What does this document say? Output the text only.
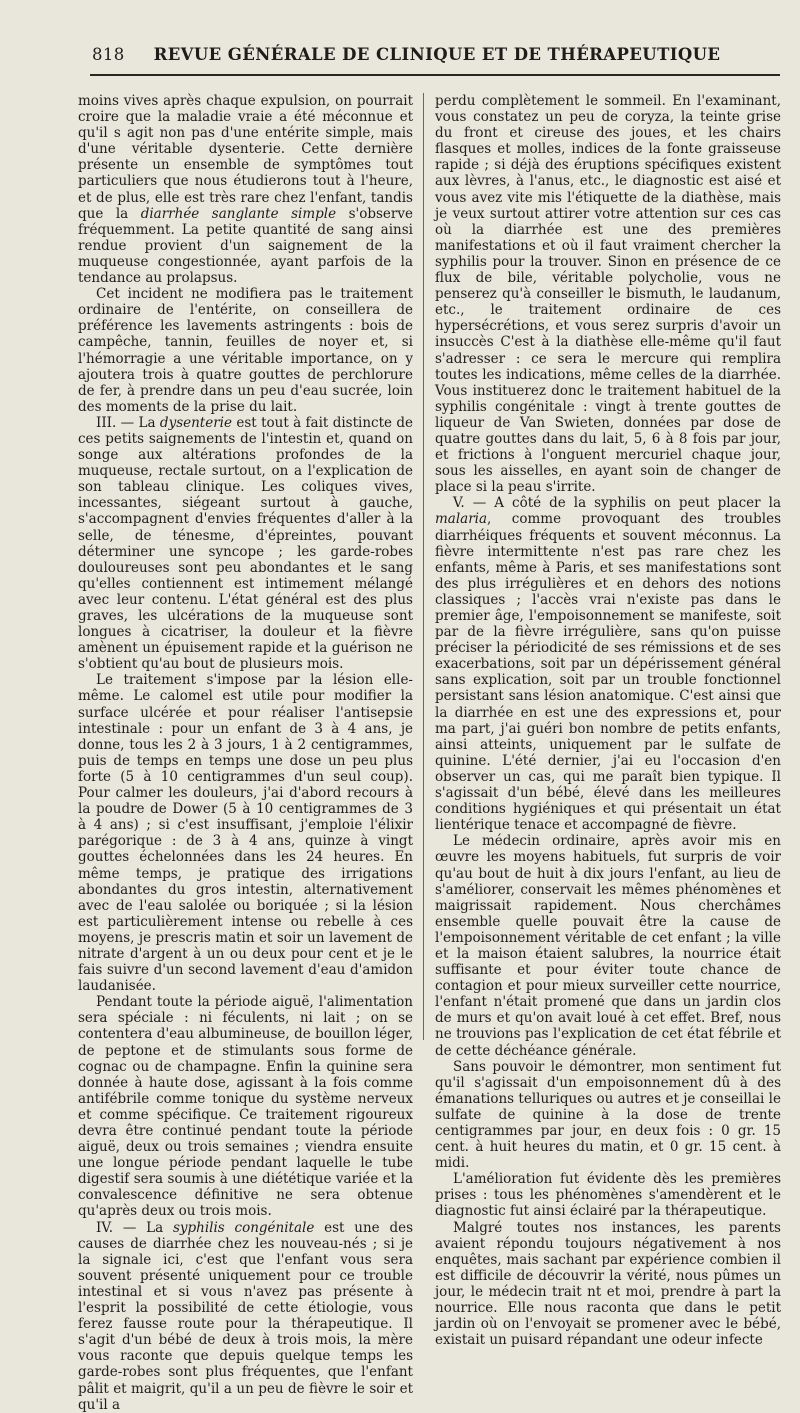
818	REVUE GÉNÉRALE DE CLINIQUE ET DE THÉRAPEUTIQUE

moins vives après chaque expulsion, on pourrait croire que la maladie vraie a été méconnue et qu'il s agit non pas d'une entérite simple, mais d'une véritable dysenterie. Cette dernière présente un ensemble de symptômes tout particuliers que nous étudierons tout à l'heure, et de plus, elle est très rare chez l'enfant, tandis que la diarrhée sanglante simple s'observe fréquemment. La petite quantité de sang ainsi rendue provient d'un saignement de la muqueuse congestionnée, ayant parfois de la tendance au prolapsus.

Cet incident ne modifiera pas le traitement ordinaire de l'entérite, on conseillera de préférence les lavements astringents : bois de campêche, tannin, feuilles de noyer et, si l'hémorragie a une véritable importance, on y ajoutera trois à quatre gouttes de perchlorure de fer, à prendre dans un peu d'eau sucrée, loin des moments de la prise du lait.

III. — La dysenterie est tout à fait distincte de ces petits saignements de l'intestin et, quand on songe aux altérations profondes de la muqueuse, rectale surtout, on a l'explication de son tableau clinique. Les coliques vives, incessantes, siégeant surtout à gauche, s'accompagnent d'envies fréquentes d'aller à la selle, de ténesme, d'épreintes, pouvant déterminer une syncope ; les garde-robes douloureuses sont peu abondantes et le sang qu'elles contiennent est intimement mélangé avec leur contenu. L'état général est des plus graves, les ulcérations de la muqueuse sont longues à cicatriser, la douleur et la fièvre amènent un épuisement rapide et la guérison ne s'obtient qu'au bout de plusieurs mois.

Le traitement s'impose par la lésion elle-même. Le calomel est utile pour modifier la surface ulcérée et pour réaliser l'antisepsie intestinale : pour un enfant de 3 à 4 ans, je donne, tous les 2 à 3 jours, 1 à 2 centigrammes, puis de temps en temps une dose un peu plus forte (5 à 10 centigrammes d'un seul coup). Pour calmer les douleurs, j'ai d'abord recours à la poudre de Dower (5 à 10 centigrammes de 3 à 4 ans) ; si c'est insuffisant, j'emploie l'élixir parégorique : de 3 à 4 ans, quinze à vingt gouttes échelonnées dans les 24 heures. En même temps, je pratique des irrigations abondantes du gros intestin, alternativement avec de l'eau salolée ou boriquée ; si la lésion est particulièrement intense ou rebelle à ces moyens, je prescris matin et soir un lavement de nitrate d'argent à un ou deux pour cent et je le fais suivre d'un second lavement d'eau d'amidon laudanisée.

Pendant toute la période aiguë, l'alimentation sera spéciale : ni féculents, ni lait ; on se contentera d'eau albumineuse, de bouillon léger, de peptone et de stimulants sous forme de cognac ou de champagne. Enfin la quinine sera donnée à haute dose, agissant à la fois comme antifébrile comme tonique du système nerveux et comme spécifique. Ce traitement rigoureux devra être continué pendant toute la période aiguë, deux ou trois semaines ; viendra ensuite une longue période pendant laquelle le tube digestif sera soumis à une diététique variée et la convalescence définitive ne sera obtenue qu'après deux ou trois mois.

IV. — La syphilis congénitale est une des causes de diarrhée chez les nouveau-nés ; si je la signale ici, c'est que l'enfant vous sera souvent présenté uniquement pour ce trouble intestinal et si vous n'avez pas présente à l'esprit la possibilité de cette étiologie, vous ferez fausse route pour la thérapeutique. Il s'agit d'un bébé de deux à trois mois, la mère vous raconte que depuis quelque temps les garde-robes sont plus fréquentes, que l'enfant pâlit et maigrit, qu'il a un peu de fièvre le soir et qu'il a

perdu complètement le sommeil. En l'examinant, vous constatez un peu de coryza, la teinte grise du front et cireuse des joues, et les chairs flasques et molles, indices de la fonte graisseuse rapide ; si déjà des éruptions spécifiques existent aux lèvres, à l'anus, etc., le diagnostic est aisé et vous avez vite mis l'étiquette de la diathèse, mais je veux surtout attirer votre attention sur ces cas où la diarrhée est une des premières manifestations et où il faut vraiment chercher la syphilis pour la trouver. Sinon en présence de ce flux de bile, véritable polycholie, vous ne penserez qu'à conseiller le bismuth, le laudanum, etc., le traitement ordinaire de ces hypersécrétions, et vous serez surpris d'avoir un insuccès C'est à la diathèse elle-même qu'il faut s'adresser : ce sera le mercure qui remplira toutes les indications, même celles de la diarrhée. Vous instituerez donc le traitement habituel de la syphilis congénitale : vingt à trente gouttes de liqueur de Van Swieten, données par dose de quatre gouttes dans du lait, 5, 6 à 8 fois par jour, et frictions à l'onguent mercuriel chaque jour, sous les aisselles, en ayant soin de changer de place si la peau s'irrite.

V. — A côté de la syphilis on peut placer la malaria, comme provoquant des troubles diarrhéiques fréquents et souvent méconnus. La fièvre intermittente n'est pas rare chez les enfants, même à Paris, et ses manifestations sont des plus irrégulières et en dehors des notions classiques ; l'accès vrai n'existe pas dans le premier âge, l'empoisonnement se manifeste, soit par de la fièvre irrégulière, sans qu'on puisse préciser la périodicité de ses rémissions et de ses exacerbations, soit par un dépérissement général sans explication, soit par un trouble fonctionnel persistant sans lésion anatomique. C'est ainsi que la diarrhée en est une des expressions et, pour ma part, j'ai guéri bon nombre de petits enfants, ainsi atteints, uniquement par le sulfate de quinine. L'été dernier, j'ai eu l'occasion d'en observer un cas, qui me paraît bien typique. Il s'agissait d'un bébé, élevé dans les meilleures conditions hygiéniques et qui présentait un état lientérique tenace et accompagné de fièvre.

Le médecin ordinaire, après avoir mis en œuvre les moyens habituels, fut surpris de voir qu'au bout de huit à dix jours l'enfant, au lieu de s'améliorer, conservait les mêmes phénomènes et maigrissait rapidement. Nous cherchâmes ensemble quelle pouvait être la cause de l'empoisonnement véritable de cet enfant ; la ville et la maison étaient salubres, la nourrice était suffisante et pour éviter toute chance de contagion et pour mieux surveiller cette nourrice, l'enfant n'était promené que dans un jardin clos de murs et qu'on avait loué à cet effet. Bref, nous ne trouvions pas l'explication de cet état fébrile et de cette déchéance générale.

Sans pouvoir le démontrer, mon sentiment fut qu'il s'agissait d'un empoisonnement dû à des émanations telluriques ou autres et je conseillai le sulfate de quinine à la dose de trente centigrammes par jour, en deux fois : 0 gr. 15 cent. à huit heures du matin, et 0 gr. 15 cent. à midi.

L'amélioration fut évidente dès les premières prises : tous les phénomènes s'amendèrent et le diagnostic fut ainsi éclairé par la thérapeutique.

Malgré toutes nos instances, les parents avaient répondu toujours négativement à nos enquêtes, mais sachant par expérience combien il est difficile de découvrir la vérité, nous pûmes un jour, le médecin trait nt et moi, prendre à part la nourrice. Elle nous raconta que dans le petit jardin où on l'envoyait se promener avec le bébé, existait un puisard répandant une odeur infecte
